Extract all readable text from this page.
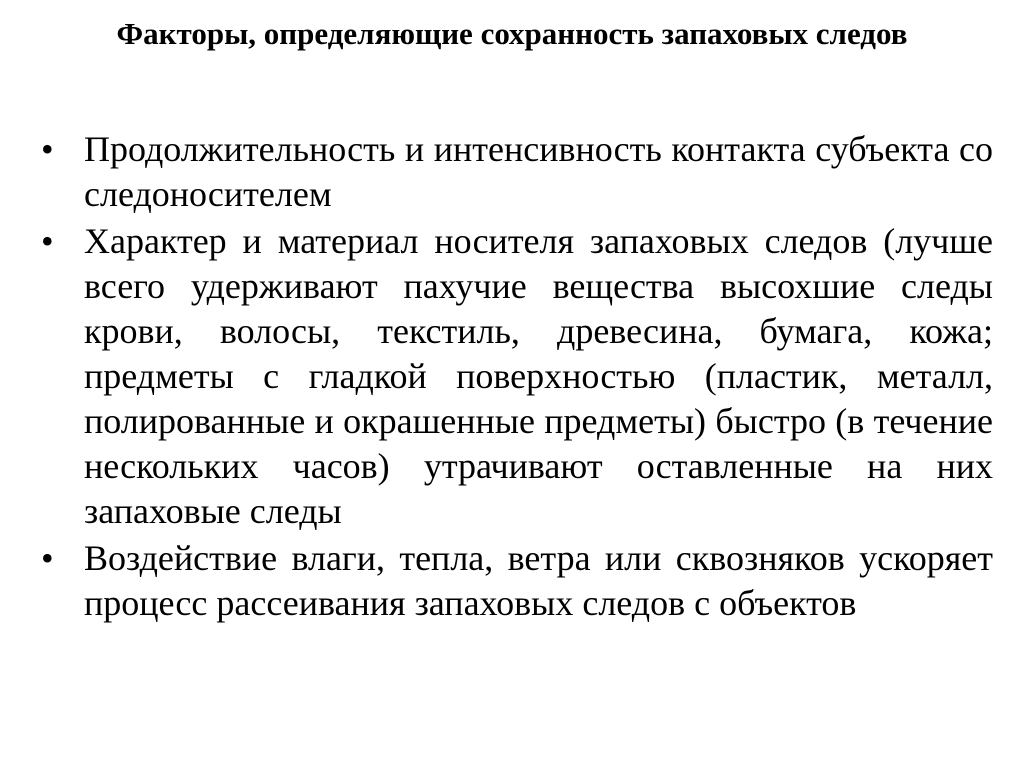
Факторы, определяющие сохранность запаховых следов
• Продолжительность и интенсивность контакта субъекта со следоносителем
• Характер и материал носителя запаховых следов (лучше всего удерживают пахучие вещества высохшие следы крови, волосы, текстиль, древесина, бумага, кожа; предметы с гладкой поверхностью (пластик, металл, полированные и окрашенные предметы) быстро (в течение нескольких часов) утрачивают оставленные на них запаховые следы
• Воздействие влаги, тепла, ветра или сквозняков ускоряет процесс рассеивания запаховых следов с объектов
